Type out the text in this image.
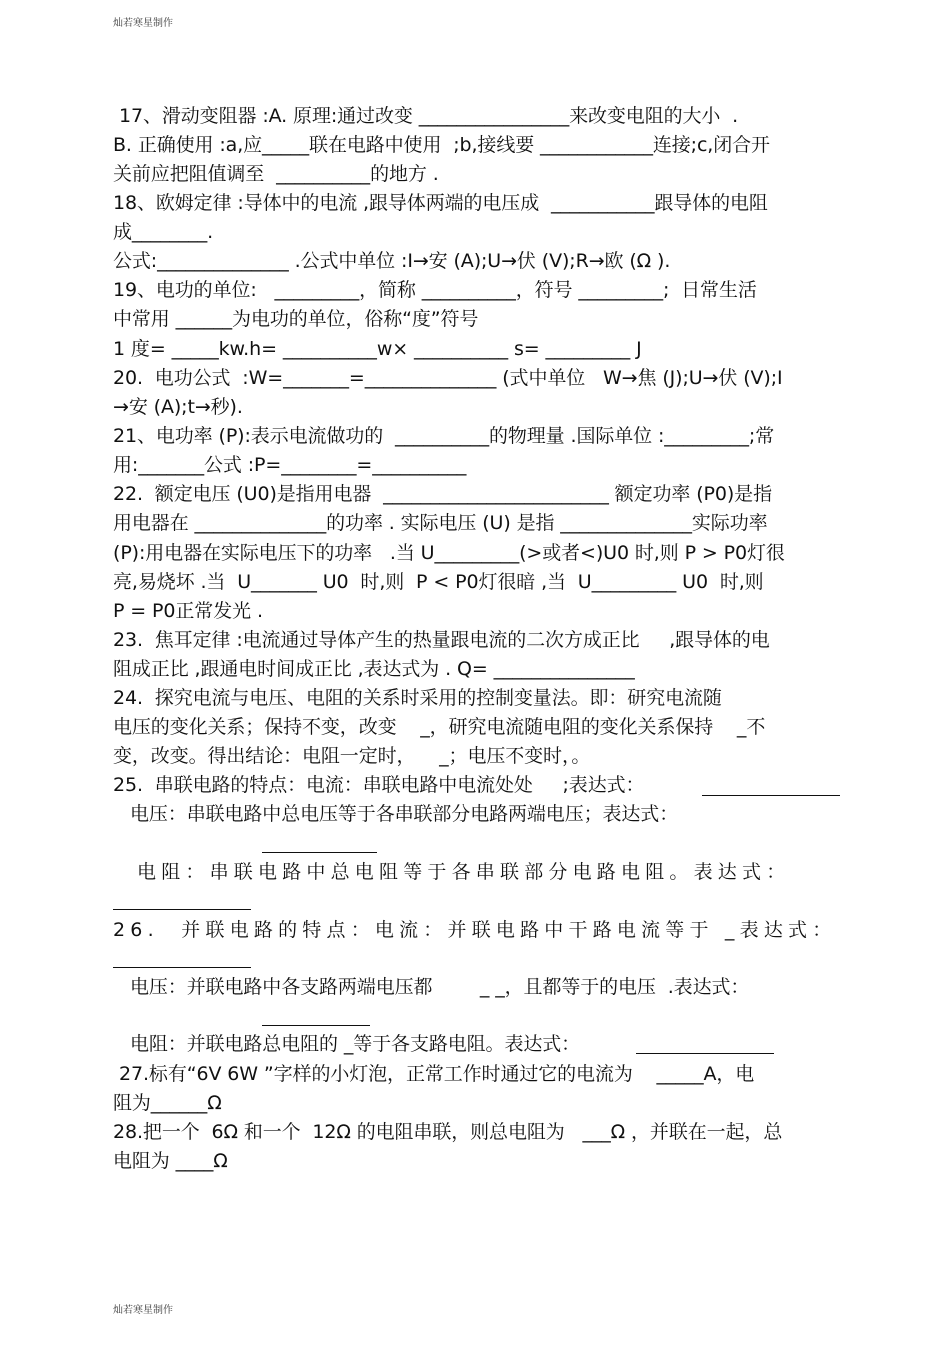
灿若寒星制作
17、滑动变阻器 :A. 原理:通过改变 ________________来改变电阻的大小  .
B. 正确使用 :a,应_____联在电路中使用  ;b,接线要 ____________连接;c,闭合开
关前应把阻值调至  __________的地方 .
18、欧姆定律 :导体中的电流 ,跟导体两端的电压成  ___________跟导体的电阻
成________.
公式:______________ .公式中单位 :I→安 (A);U→伏 (V);R→欧 (Ω ).
19、电功的单位:   _________，简称 __________，符号 _________;  日常生活
中常用 ______为电功的单位，俗称“度”符号
1 度= _____kw.h= __________w× __________ s= _________ J
20.  电功公式  :W=_______=______________ (式中单位   W→焦 (J);U→伏 (V);I
→安 (A);t→秒).
21、电功率 (P):表示电流做功的  __________的物理量 .国际单位 :_________;常
用:_______公式 :P=________=__________
22.  额定电压 (U0)是指用电器  ________________________ 额定功率 (P0)是指
用电器在 ______________的功率 . 实际电压 (U) 是指 ______________实际功率
(P):用电器在实际电压下的功率   .当 U_________(>或者<)U0 时,则 P > P0灯很
亮,易烧坏 .当  U_______ U0  时,则  P < P0灯很暗 ,当  U_________ U0  时,则
P = P0正常发光 .
23.  焦耳定律 :电流通过导体产生的热量跟电流的二次方成正比     ,跟导体的电
阻成正比 ,跟通电时间成正比 ,表达式为 . Q= _______________
24.  探究电流与电压、电阻的关系时采用的控制变量法。即：研究电流随
电压的变化关系；保持不变，改变    _，研究电流随电阻的变化关系保持    _不
变，改变。得出结论：电阻一定时，    _；电压不变时，。
25.  串联电路的特点：电流：串联电路中电流处处     ;表达式：
电压：串联电路中总电压等于各串联部分电路两端电压；表达式：
电阻：串联电路中总电阻等于各串联部分电路电阻。表达式：
26.  并联电路的特点：电流：并联电路中干路电流等于 _表达式：
电压：并联电路中各支路两端电压都        _ _，且都等于的电压  .表达式：
电阻：并联电路总电阻的 _等于各支路电阻。表达式：
27.标有“6V 6W ”字样的小灯泡，正常工作时通过它的电流为    _____A，电
阻为______Ω
28.把一个  6Ω 和一个  12Ω 的电阻串联，则总电阻为   ___Ω ，并联在一起，总
电阻为 ____Ω
灿若寒星制作
